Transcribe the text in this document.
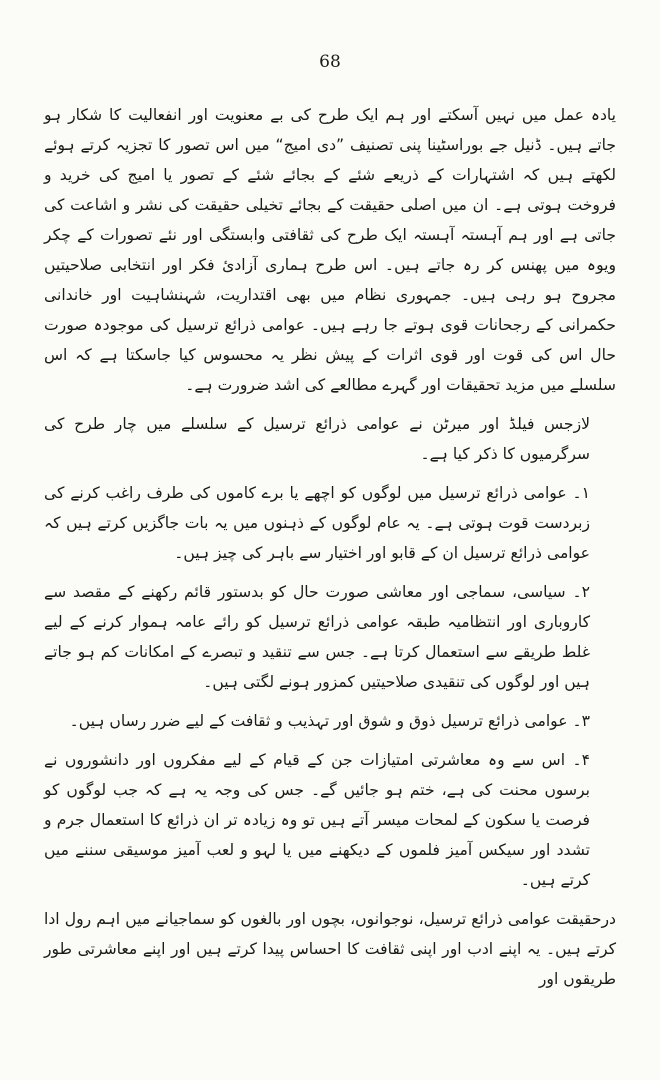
68

یادہ عمل میں نہیں آسکتے اور ہم ایک طرح کی بے معنویت اور انفعالیت کا شکار ہو جاتے ہیں۔ ڈنیل جے بوراسٹینا پنی تصنیف ”دی امیج“ میں اس تصور کا تجزیہ کرتے ہوئے لکھتے ہیں کہ اشتہارات کے ذریعے شئے کے بجائے شئے کے تصور یا امیج کی خرید و فروخت ہوتی ہے۔ ان میں اصلی حقیقت کے بجائے تخیلی حقیقت کی نشر و اشاعت کی جاتی ہے اور ہم آہستہ آہستہ ایک طرح کی ثقافتی وابستگی اور نئے تصورات کے چکر ویوہ میں پھنس کر رہ جاتے ہیں۔ اس طرح ہماری آزادیٔ فکر اور انتخابی صلاحیتیں مجروح ہو رہی ہیں۔ جمہوری نظام میں بھی اقتداریت، شہنشاہیت اور خاندانی حکمرانی کے رجحانات قوی ہوتے جا رہے ہیں۔ عوامی ذرائع ترسیل کی موجودہ صورت حال اس کی قوت اور قوی اثرات کے پیش نظر یہ محسوس کیا جاسکتا ہے کہ اس سلسلے میں مزید تحقیقات اور گہرے مطالعے کی اشد ضرورت ہے۔

لازجس فیلڈ اور میرٹن نے عوامی ذرائع ترسیل کے سلسلے میں چار طرح کی سرگرمیوں کا ذکر کیا ہے۔

۱۔ عوامی ذرائع ترسیل میں لوگوں کو اچھے یا برے کاموں کی طرف راغب کرنے کی زبردست قوت ہوتی ہے۔ یہ عام لوگوں کے ذہنوں میں یہ بات جاگزیں کرتے ہیں کہ عوامی ذرائع ترسیل ان کے قابو اور اختیار سے باہر کی چیز ہیں۔

۲۔ سیاسی، سماجی اور معاشی صورت حال کو بدستور قائم رکھنے کے مقصد سے کاروباری اور انتظامیہ طبقہ عوامی ذرائع ترسیل کو رائے عامہ ہموار کرنے کے لیے غلط طریقے سے استعمال کرتا ہے۔ جس سے تنقید و تبصرے کے امکانات کم ہو جاتے ہیں اور لوگوں کی تنقیدی صلاحیتیں کمزور ہونے لگتی ہیں۔

۳۔ عوامی ذرائع ترسیل ذوق و شوق اور تہذیب و ثقافت کے لیے ضرر رساں ہیں۔

۴۔ اس سے وہ معاشرتی امتیازات جن کے قیام کے لیے مفکروں اور دانشوروں نے برسوں محنت کی ہے، ختم ہو جائیں گے۔ جس کی وجہ یہ ہے کہ جب لوگوں کو فرصت یا سکون کے لمحات میسر آتے ہیں تو وہ زیادہ تر ان ذرائع کا استعمال جرم و تشدد اور سیکس آمیز فلموں کے دیکھنے میں یا لہو و لعب آمیز موسیقی سننے میں کرتے ہیں۔

درحقیقت عوامی ذرائع ترسیل، نوجوانوں، بچوں اور بالغوں کو سماجیانے میں اہم رول ادا کرتے ہیں۔ یہ اپنے ادب اور اپنی ثقافت کا احساس پیدا کرتے ہیں اور اپنے معاشرتی طور طریقوں اور
